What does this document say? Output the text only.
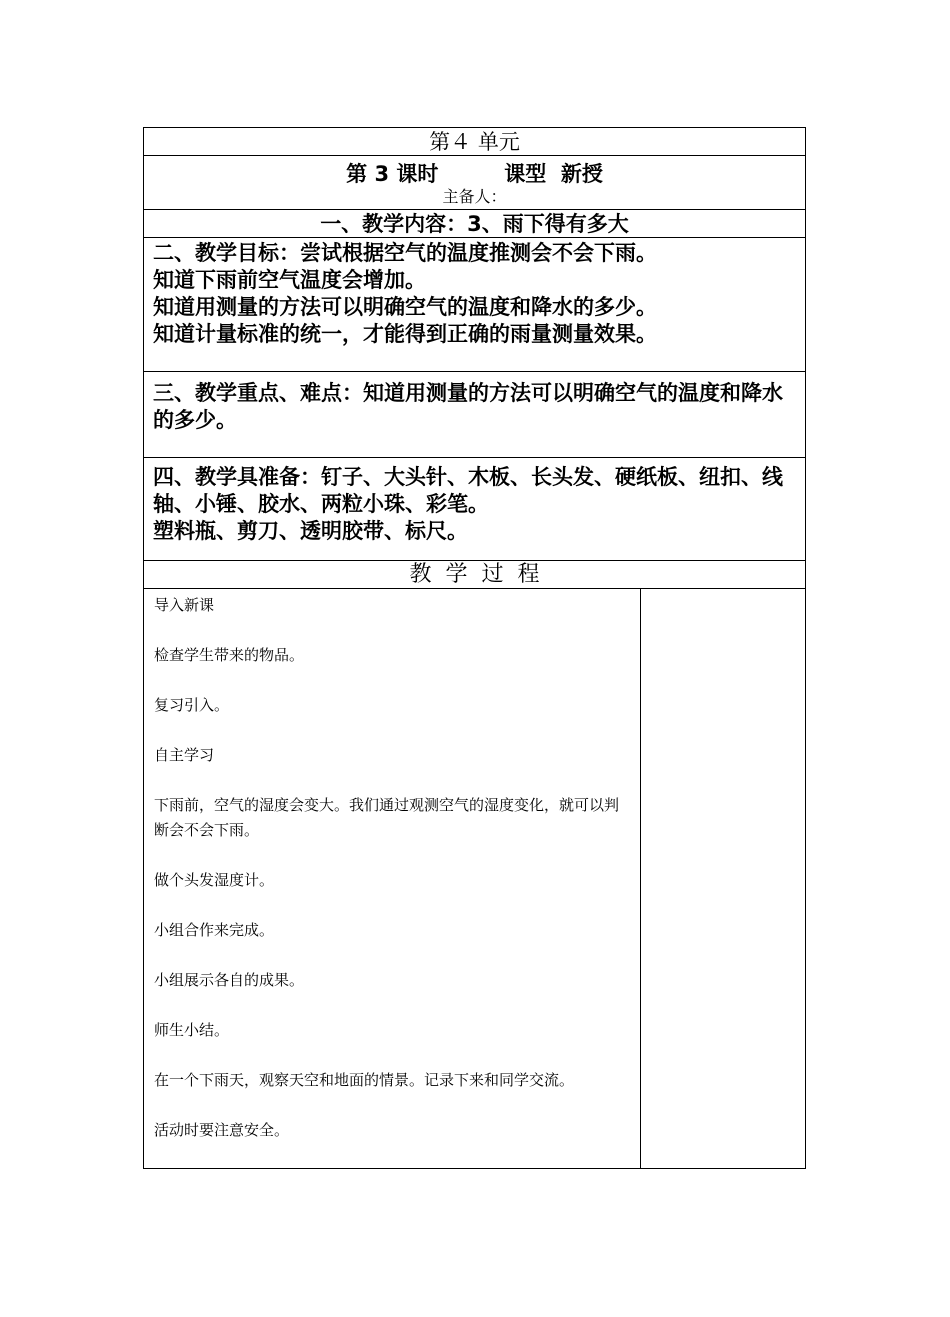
第４ 单元
第 3 课时         课型  新授
主备人：
一、教学内容：3、雨下得有多大

二、教学目标：尝试根据空气的温度推测会不会下雨。

知道下雨前空气温度会增加。

知道用测量的方法可以明确空气的温度和降水的多少。

知道计量标准的统一，才能得到正确的雨量测量效果。

三、教学重点、难点：知道用测量的方法可以明确空气的温度和降水的多少。

四、教学具准备：钉子、大头针、木板、长头发、硬纸板、纽扣、线轴、小锤、胶水、两粒小珠、彩笔。

塑料瓶、剪刀、透明胶带、标尺。

教学过程

导入新课

检查学生带来的物品。

复习引入。

自主学习

下雨前，空气的湿度会变大。我们通过观测空气的湿度变化，就可以判断会不会下雨。

做个头发湿度计。

小组合作来完成。

小组展示各自的成果。

师生小结。

在一个下雨天，观察天空和地面的情景。记录下来和同学交流。

活动时要注意安全。
